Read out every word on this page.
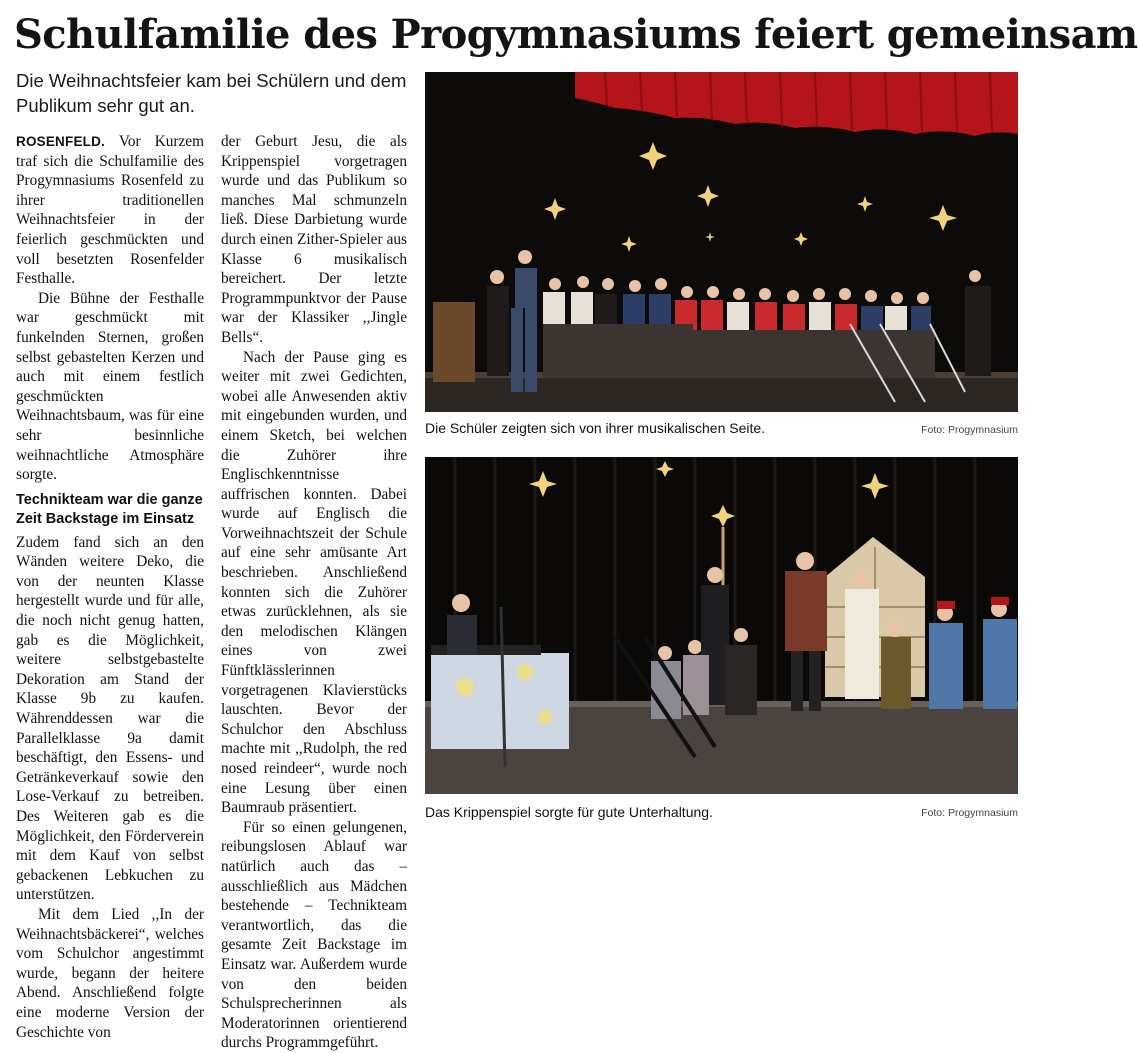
Schulfamilie des Progymnasiums feiert gemeinsam

Die Weihnachtsfeier kam bei Schülern und dem Publikum sehr gut an.

ROSENFELD. Vor Kurzem traf sich die Schulfamilie des Progymnasiums Rosenfeld zu ihrer traditionellen Weihnachtsfeier in der feierlich geschmückten und voll besetzten Rosenfelder Festhalle.

Die Bühne der Festhalle war geschmückt mit funkelnden Sternen, großen selbst gebastelten Kerzen und auch mit einem festlich geschmückten Weihnachtsbaum, was für eine sehr besinnliche weihnachtliche Atmosphäre sorgte.

Technikteam war die ganze Zeit Backstage im Einsatz

Zudem fand sich an den Wänden weitere Deko, die von der neunten Klasse hergestellt wurde und für alle, die noch nicht genug hatten, gab es die Möglichkeit, weitere selbstgebastelte Dekoration am Stand der Klasse 9b zu kaufen. Währenddessen war die Parallelklasse 9a damit beschäftigt, den Essens- und Getränkeverkauf sowie den Lose-Verkauf zu betreiben. Des Weiteren gab es die Möglichkeit, den Förderverein mit dem Kauf von selbst gebackenen Lebkuchen zu unterstützen.

Mit dem Lied ,,In der Weihnachtsbäckerei“, welches vom Schulchor angestimmt wurde, begann der heitere Abend. Anschließend folgte eine moderne Version der Geschichte von

der Geburt Jesu, die als Krippenspiel vorgetragen wurde und das Publikum so manches Mal schmunzeln ließ. Diese Darbietung wurde durch einen Zither-Spieler aus Klasse 6 musikalisch bereichert. Der letzte Programmpunktvor der Pause war der Klassiker ,,Jingle Bells“.

Nach der Pause ging es weiter mit zwei Gedichten, wobei alle Anwesenden aktiv mit eingebunden wurden, und einem Sketch, bei welchen die Zuhörer ihre Englischkenntnisse auffrischen konnten. Dabei wurde auf Englisch die Vorweihnachtszeit der Schule auf eine sehr amüsante Art beschrieben. Anschließend konnten sich die Zuhörer etwas zurücklehnen, als sie den melodischen Klängen eines von zwei Fünftklässlerinnen vorgetragenen Klavierstücks lauschten. Bevor der Schulchor den Abschluss machte mit ,,Rudolph, the red nosed reindeer“, wurde noch eine Lesung über einen Baumraub präsentiert.

Für so einen gelungenen, reibungslosen Ablauf war natürlich auch das – ausschließlich aus Mädchen bestehende – Technikteam verantwortlich, das die gesamte Zeit Backstage im Einsatz war. Außerdem wurde von den beiden Schulsprecherinnen als Moderatorinnen orientierend durchs Programmgeführt.

Die Schüler zeigten sich von ihrer musikalischen Seite.	Foto: Progymnasium
Das Krippenspiel sorgte für gute Unterhaltung.	Foto: Progymnasium
